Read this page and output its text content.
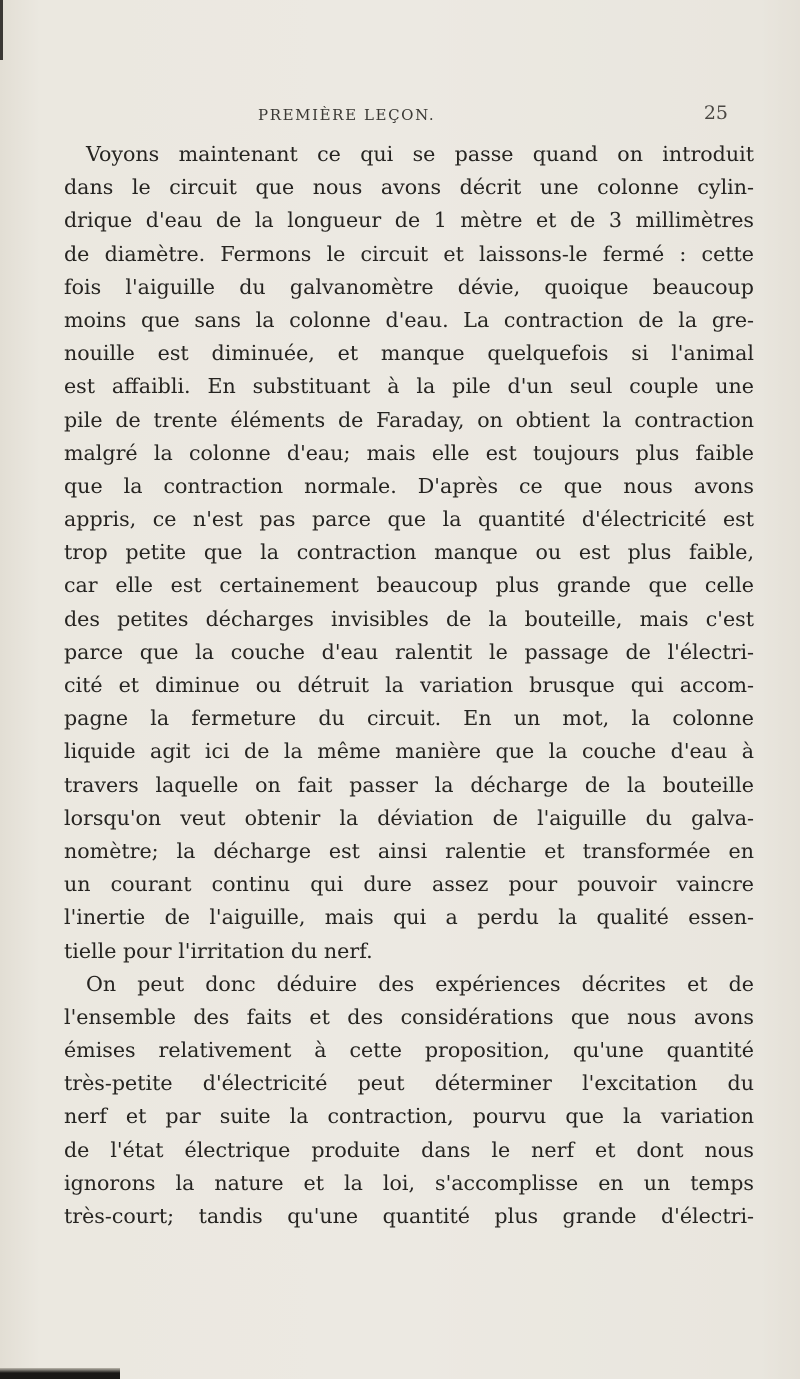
PREMIÈRE LEÇON.	25
Voyons maintenant ce qui se passe quand on introduit
dans le circuit que nous avons décrit une colonne cylin-
drique d'eau de la longueur de 1 mètre et de 3 millimètres
de diamètre. Fermons le circuit et laissons-le fermé : cette
fois l'aiguille du galvanomètre dévie, quoique beaucoup
moins que sans la colonne d'eau. La contraction de la gre-
nouille est diminuée, et manque quelquefois si l'animal
est affaibli. En substituant à la pile d'un seul couple une
pile de trente éléments de Faraday, on obtient la contraction
malgré la colonne d'eau; mais elle est toujours plus faible
que la contraction normale. D'après ce que nous avons
appris, ce n'est pas parce que la quantité d'électricité est
trop petite que la contraction manque ou est plus faible,
car elle est certainement beaucoup plus grande que celle
des petites décharges invisibles de la bouteille, mais c'est
parce que la couche d'eau ralentit le passage de l'électri-
cité et diminue ou détruit la variation brusque qui accom-
pagne la fermeture du circuit. En un mot, la colonne
liquide agit ici de la même manière que la couche d'eau à
travers laquelle on fait passer la décharge de la bouteille
lorsqu'on veut obtenir la déviation de l'aiguille du galva-
nomètre; la décharge est ainsi ralentie et transformée en
un courant continu qui dure assez pour pouvoir vaincre
l'inertie de l'aiguille, mais qui a perdu la qualité essen-
tielle pour l'irritation du nerf.
On peut donc déduire des expériences décrites et de
l'ensemble des faits et des considérations que nous avons
émises relativement à cette proposition, qu'une quantité
très-petite d'électricité peut déterminer l'excitation du
nerf et par suite la contraction, pourvu que la variation
de l'état électrique produite dans le nerf et dont nous
ignorons la nature et la loi, s'accomplisse en un temps
très-court; tandis qu'une quantité plus grande d'électri-
